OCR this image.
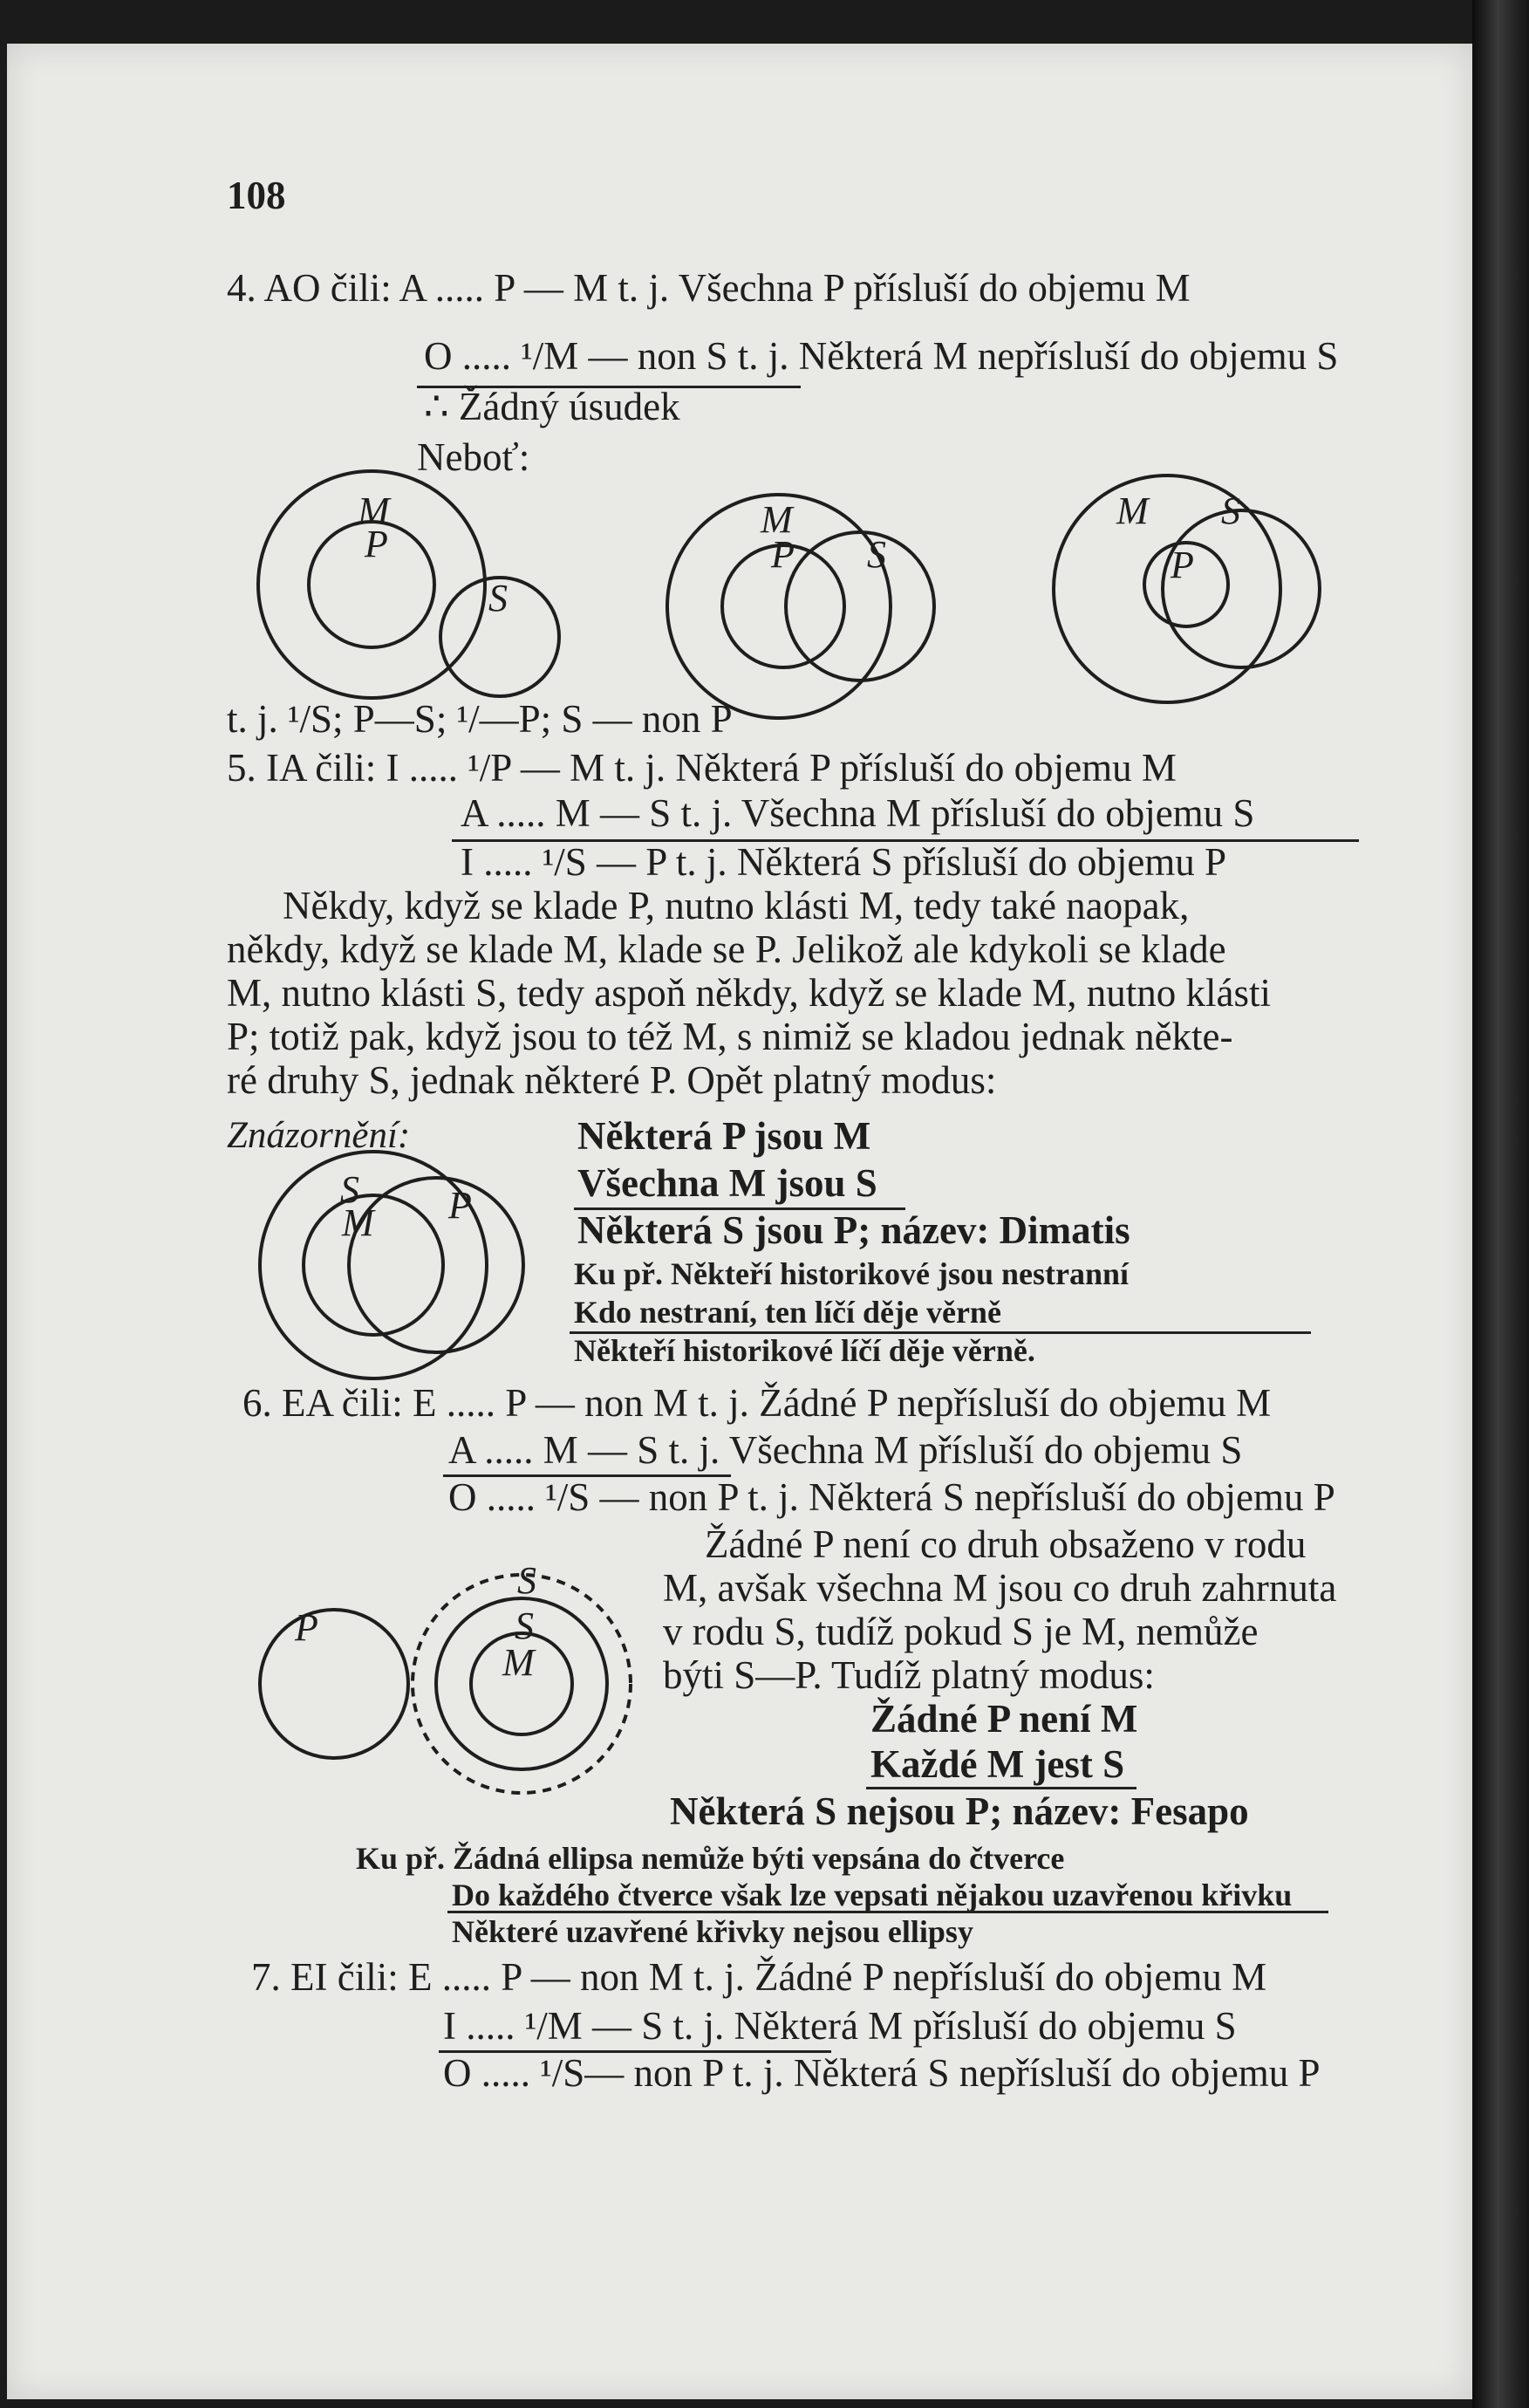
108
4. AO čili: A ..... P — M t. j. Všechna P přísluší do objemu M
O ..... ¹/M — non S t. j. Některá M nepřísluší do objemu S
∴ Žádný úsudek
Neboť:
M
P
S
M
P S
M S
P
t. j. ¹/S; P—S; ¹/—P; S — non P
5. IA čili: I ..... ¹/P — M t. j. Některá P přísluší do objemu M
A ..... M — S t. j. Všechna M přísluší do objemu S
I ..... ¹/S — P t. j. Některá S přísluší do objemu P
Někdy, když se klade P, nutno klásti M, tedy také naopak,
někdy, když se klade M, klade se P. Jelikož ale kdykoli se klade
M, nutno klásti S, tedy aspoň někdy, když se klade M, nutno klásti
P; totiž pak, když jsou to též M, s nimiž se kladou jednak někte-
ré druhy S, jednak některé P. Opět platný modus:
Znázornění:	Některá P jsou M
Všechna M jsou S
Některá S jsou P; název: Dimatis
Ku př. Někteří historikové jsou nestranní
Kdo nestraní, ten líčí děje věrně
Někteří historikové líčí děje věrně.
S
M P
6. EA čili: E ..... P — non M t. j. Žádné P nepřísluší do objemu M
A ..... M — S t. j. Všechna M přísluší do objemu S
O ..... ¹/S — non P t. j. Některá S nepřísluší do objemu P
Žádné P není co druh obsaženo v rodu
M, avšak všechna M jsou co druh zahrnuta
v rodu S, tudíž pokud S je M, nemůže
býti S—P. Tudíž platný modus:
Žádné P není M
Každé M jest S
Některá S nejsou P; název: Fesapo
Ku př. Žádná ellipsa nemůže býti vepsána do čtverce
Do každého čtverce však lze vepsati nějakou uzavřenou křivku
Některé uzavřené křivky nejsou ellipsy
P
S
S
M
7. EI čili: E ..... P — non M t. j. Žádné P nepřísluší do objemu M
I ..... ¹/M — S t. j. Některá M přísluší do objemu S
O ..... ¹/S— non P t. j. Některá S nepřísluší do objemu P
